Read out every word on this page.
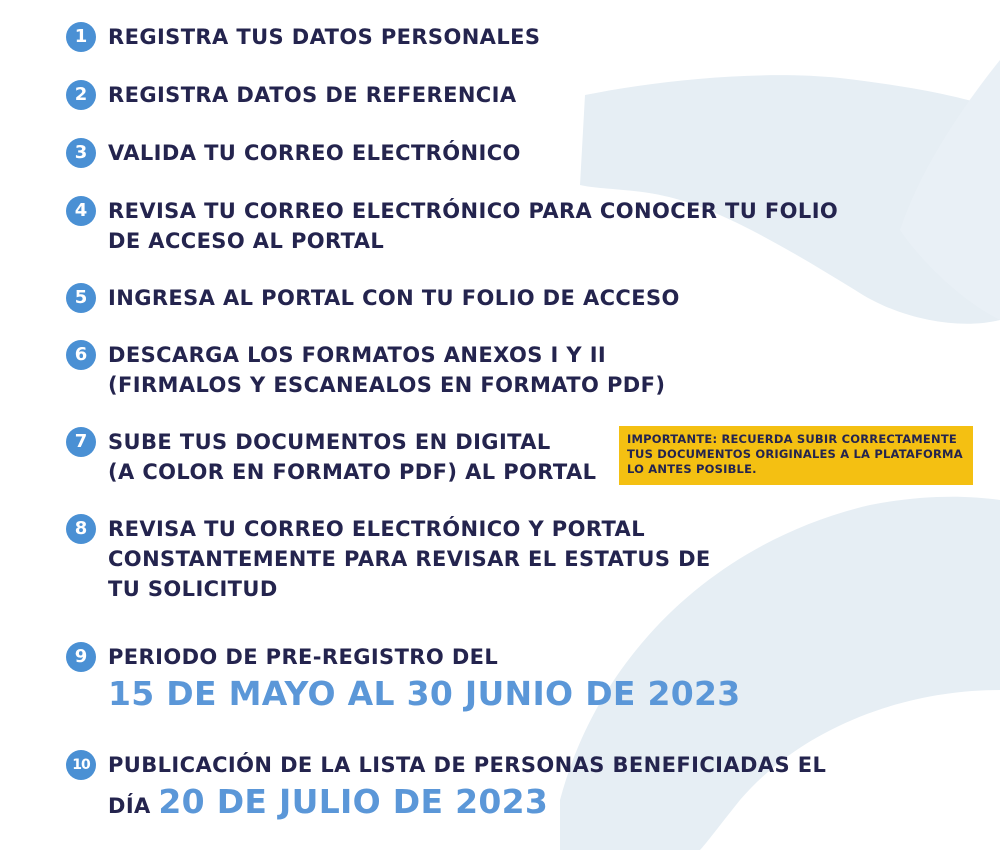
1 REGISTRA TUS DATOS PERSONALES
2 REGISTRA DATOS DE REFERENCIA
3 VALIDA TU CORREO ELECTRÓNICO
4 REVISA TU CORREO ELECTRÓNICO PARA CONOCER TU FOLIO
DE ACCESO AL PORTAL
5 INGRESA AL PORTAL CON TU FOLIO DE ACCESO
6 DESCARGA LOS FORMATOS ANEXOS I Y II
(FIRMALOS Y ESCANEALOS EN FORMATO PDF)
7 SUBE TUS DOCUMENTOS EN DIGITAL
(A COLOR EN FORMATO PDF) AL PORTAL
IMPORTANTE: RECUERDA SUBIR CORRECTAMENTE
TUS DOCUMENTOS ORIGINALES A LA PLATAFORMA
LO ANTES POSIBLE.
8 REVISA TU CORREO ELECTRÓNICO Y PORTAL
CONSTANTEMENTE PARA REVISAR EL ESTATUS DE
TU SOLICITUD
9 PERIODO DE PRE-REGISTRO DEL
15 DE MAYO AL 30 JUNIO DE 2023
10 PUBLICACIÓN DE LA LISTA DE PERSONAS BENEFICIADAS EL
DÍA 20 DE JULIO DE 2023
